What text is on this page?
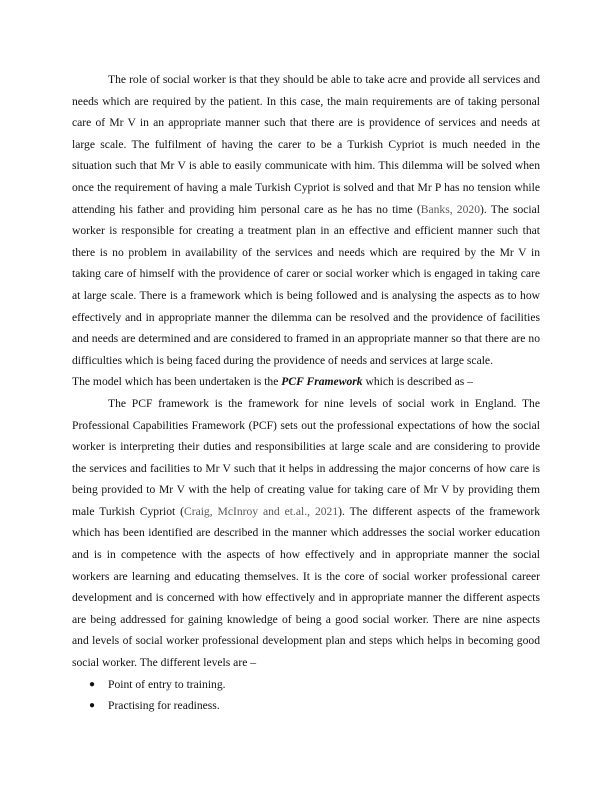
The role of social worker is that they should be able to take acre and provide all services and needs which are required by the patient. In this case, the main requirements are of taking personal care of Mr V in an appropriate manner such that there are is providence of services and needs at large scale. The fulfilment of having the carer to be a Turkish Cypriot is much needed in the situation such that Mr V is able to easily communicate with him. This dilemma will be solved when once the requirement of having a male Turkish Cypriot is solved and that Mr P has no tension while attending his father and providing him personal care as he has no time (Banks, 2020). The social worker is responsible for creating a treatment plan in an effective and efficient manner such that there is no problem in availability of the services and needs which are required by the Mr V in taking care of himself with the providence of carer or social worker which is engaged in taking care at large scale. There is a framework which is being followed and is analysing the aspects as to how effectively and in appropriate manner the dilemma can be resolved and the providence of facilities and needs are determined and are considered to framed in an appropriate manner so that there are no difficulties which is being faced during the providence of needs and services at large scale.

The model which has been undertaken is the PCF Framework which is described as –

The PCF framework is the framework for nine levels of social work in England. The Professional Capabilities Framework (PCF) sets out the professional expectations of how the social worker is interpreting their duties and responsibilities at large scale and are considering to provide the services and facilities to Mr V such that it helps in addressing the major concerns of how care is being provided to Mr V with the help of creating value for taking care of Mr V by providing them male Turkish Cypriot (Craig, McInroy and et.al., 2021). The different aspects of the framework which has been identified are described in the manner which addresses the social worker education and is in competence with the aspects of how effectively and in appropriate manner the social workers are learning and educating themselves. It is the core of social worker professional career development and is concerned with how effectively and in appropriate manner the different aspects are being addressed for gaining knowledge of being a good social worker. There are nine aspects and levels of social worker professional development plan and steps which helps in becoming good social worker. The different levels are –

● Point of entry to training.
● Practising for readiness.
